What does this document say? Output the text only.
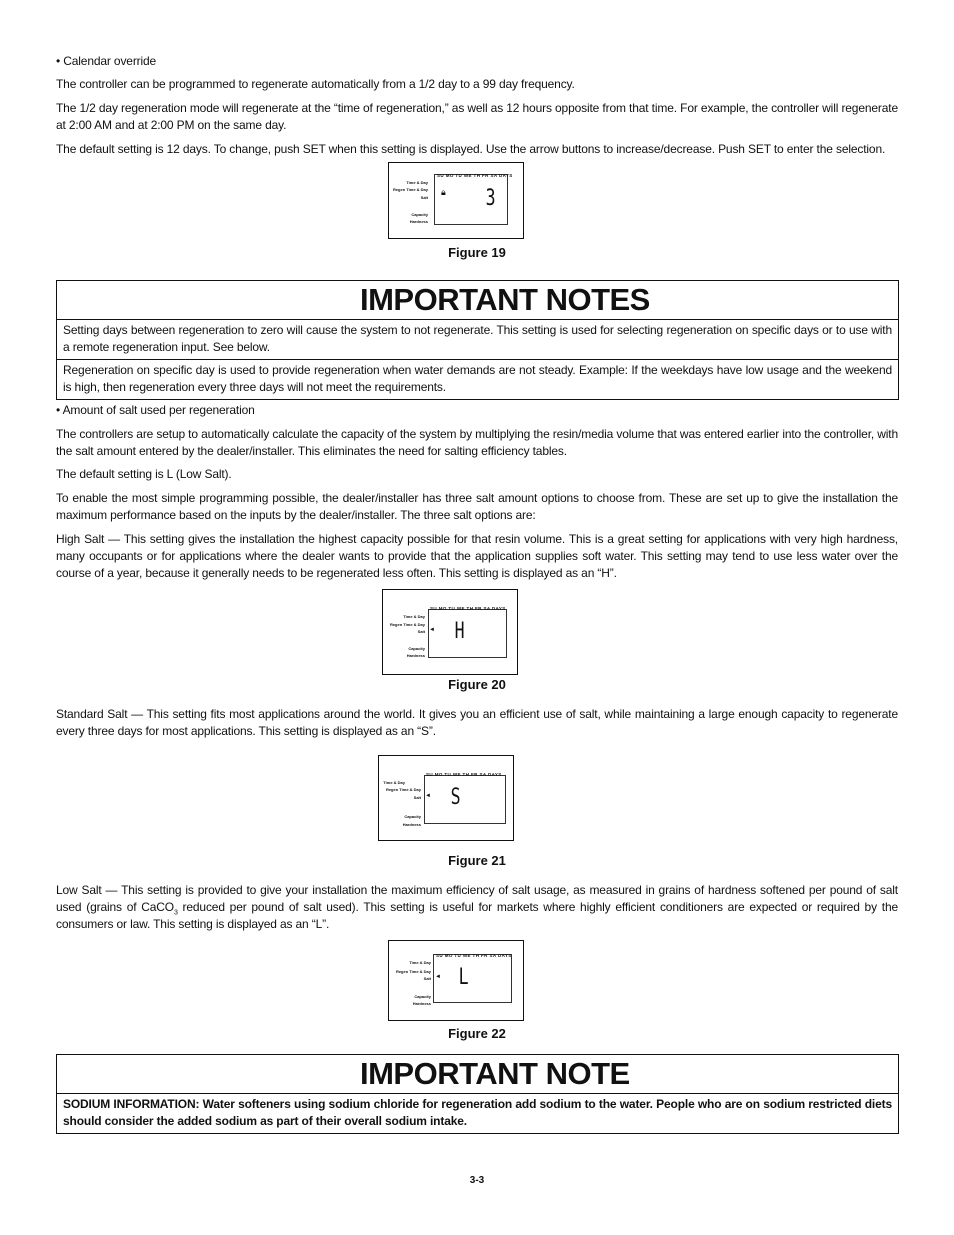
• Calendar override

The controller can be programmed to regenerate automatically from a 1/2 day to a 99 day frequency.

The 1/2 day regeneration mode will regenerate at the “time of regeneration,” as well as 12 hours opposite from that time. For example, the controller will regenerate at 2:00 AM and at 2:00 PM on the same day.

The default setting is 12 days. To change, push SET when this setting is displayed. Use the arrow buttons to increase/decrease. Push SET to enter the selection.

SU MO TU WE TH FR SA DAYS
Time & Day
Regen Time & Day
Salt
Capacity
Hardness
🔒︎ 3
Figure 19
IMPORTANT NOTES
Setting days between regeneration to zero will cause the system to not regenerate. This setting is used for selecting regeneration on specific days or to use with a remote regeneration input. See below.
Regeneration on specific day is used to provide regeneration when water demands are not steady. Example: If the weekdays have low usage and the weekend is high, then regeneration every three days will not meet the requirements.

• Amount of salt used per regeneration

The controllers are setup to automatically calculate the capacity of the system by multiplying the resin/media volume that was entered earlier into the controller, with the salt amount entered by the dealer/installer. This eliminates the need for salting efficiency tables.

The default setting is L (Low Salt).

To enable the most simple programming possible, the dealer/installer has three salt amount options to choose from. These are set up to give the installation the maximum performance based on the inputs by the dealer/installer. The three salt options are:

High Salt — This setting gives the installation the highest capacity possible for that resin volume. This is a great setting for applications with very high hardness, many occupants or for applications where the dealer wants to provide that the application supplies soft water. This setting may tend to use less water over the course of a year, because it generally needs to be regenerated less often. This setting is displayed as an “H”.

SU MO TU WE TH FR SA DAYS
Time & Day
Regen Time & Day
Salt
Capacity
Hardness
◄ H
Figure 20

Standard Salt — This setting fits most applications around the world. It gives you an efficient use of salt, while maintaining a large enough capacity to regenerate every three days for most applications. This setting is displayed as an “S”.

SU MO TU WE TH FR SA DAYS
Time & Day
Regen Time & Day
Salt
Capacity
Hardness
◄ S
Figure 21

Low Salt — This setting is provided to give your installation the maximum efficiency of salt usage, as measured in grains of hardness softened per pound of salt used (grains of CaCO$_3$ reduced per pound of salt used). This setting is useful for markets where highly efficient conditioners are expected or required by the consumers or law. This setting is displayed as an “L”.

SU MO TU WE TH FR SA DAYS
Time & Day
Regen Time & Day
Salt
Capacity
Hardness
◄ L
Figure 22
IMPORTANT NOTE
SODIUM INFORMATION: Water softeners using sodium chloride for regeneration add sodium to the water. People who are on sodium restricted diets should consider the added sodium as part of their overall sodium intake.
3-3
